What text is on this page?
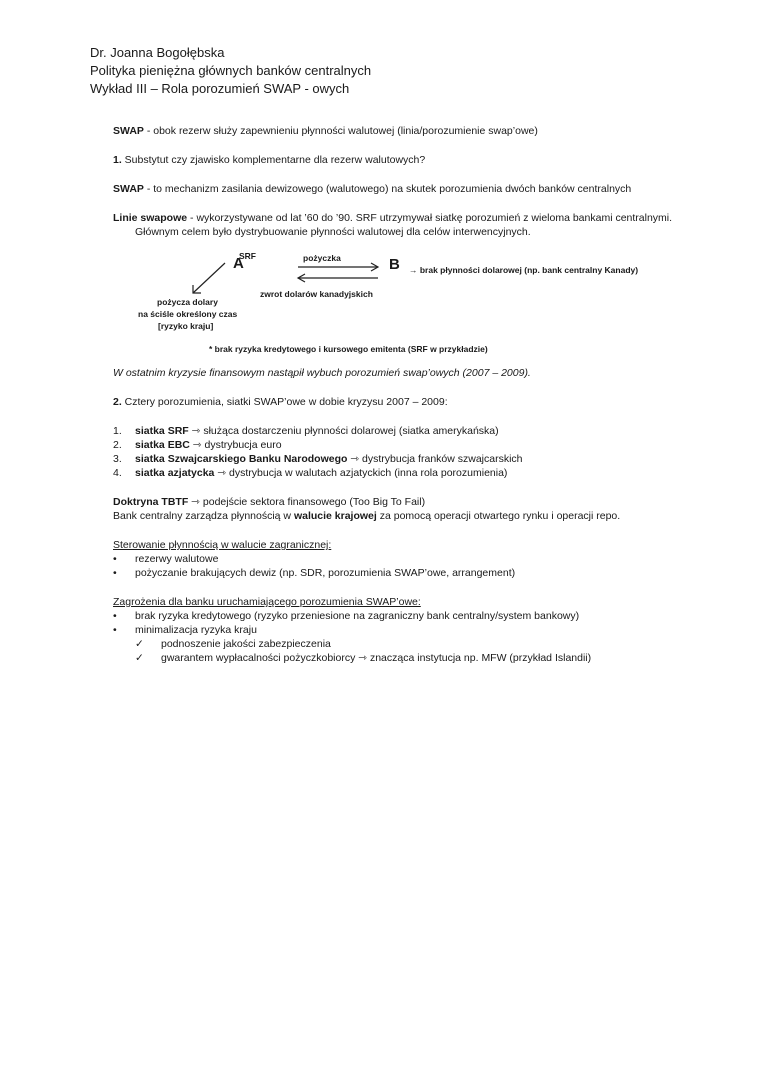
Dr. Joanna Bogołębska

Polityka pieniężna głównych banków centralnych

Wykład III – Rola porozumień SWAP - owych

SWAP - obok rezerw służy zapewnieniu płynności walutowej (linia/porozumienie swap’owe)

1. Substytut czy zjawisko komplementarne dla rezerw walutowych?

SWAP - to mechanizm zasilania dewizowego (walutowego) na skutek porozumienia dwóch banków centralnych

Linie swapowe - wykorzystywane od lat ’60 do ’90. SRF utrzymywał siatkę porozumień z wieloma bankami centralnymi.

Głównym celem było dystrybuowanie płynności walutowej dla celów interwencyjnych.

SRF
A	pożyczka	B → brak płynności dolarowej (np. bank centralny Kanady)
zwrot dolarów kanadyjskich
pożycza dolary
na ściśle określony czas
[ryzyko kraju]
* brak ryzyka kredytowego i kursowego emitenta (SRF w przykładzie)

W ostatnim kryzysie finansowym nastąpił wybuch porozumień swap’owych (2007 – 2009).

2. Cztery porozumienia, siatki SWAP’owe w dobie kryzysu 2007 – 2009:

1.	siatka SRF ⇾ służąca dostarczeniu płynności dolarowej (siatka amerykańska)
2.	siatka EBC ⇾ dystrybucja euro
3.	siatka Szwajcarskiego Banku Narodowego ⇾ dystrybucja franków szwajcarskich
4.	siatka azjatycka ⇾ dystrybucja w walutach azjatyckich (inna rola porozumienia)

Doktryna TBTF ⇾ podejście sektora finansowego (Too Big To Fail)

Bank centralny zarządza płynnością w walucie krajowej za pomocą operacji otwartego rynku i operacji repo.

Sterowanie płynnością w walucie zagranicznej:

•	rezerwy walutowe
•	pożyczanie brakujących dewiz (np. SDR, porozumienia SWAP’owe, arrangement)

Zagrożenia dla banku uruchamiającego porozumienia SWAP’owe:

•	brak ryzyka kredytowego (ryzyko przeniesione na zagraniczny bank centralny/system bankowy)
•	minimalizacja ryzyka kraju
✓	podnoszenie jakości zabezpieczenia
✓	gwarantem wypłacalności pożyczkobiorcy ⇾ znacząca instytucja np. MFW (przykład Islandii)
